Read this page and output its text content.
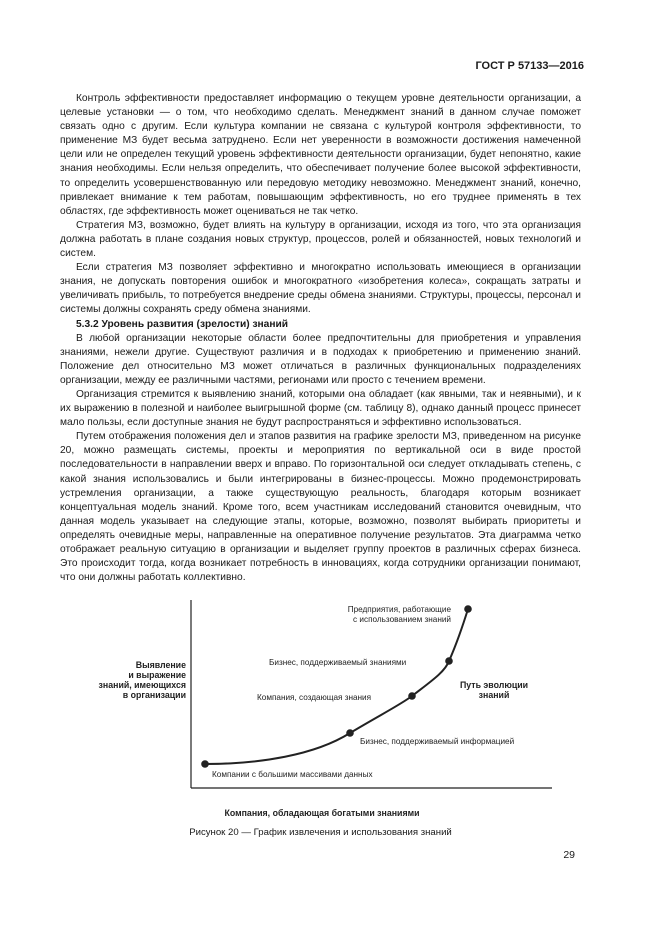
ГОСТ Р 57133—2016

Контроль эффективности предоставляет информацию о текущем уровне деятельности организации, а целевые установки — о том, что необходимо сделать. Менеджмент знаний в данном случае поможет связать одно с другим. Если культура компании не связана с культурой контроля эффективности, то применение МЗ будет весьма затруднено. Если нет уверенности в возможности достижения намеченной цели или не определен текущий уровень эффективности деятельности организации, будет непонятно, какие знания необходимы. Если нельзя определить, что обеспечивает получение более высокой эффективности, то определить усовершенствованную или передовую методику невозможно. Менеджмент знаний, конечно, привлекает внимание к тем работам, повышающим эффективность, но его труднее применять в тех областях, где эффективность может оцениваться не так четко.

Стратегия МЗ, возможно, будет влиять на культуру в организации, исходя из того, что эта организация должна работать в плане создания новых структур, процессов, ролей и обязанностей, новых технологий и систем.

Если стратегия МЗ позволяет эффективно и многократно использовать имеющиеся в организации знания, не допускать повторения ошибок и многократного «изобретения колеса», сокращать затраты и увеличивать прибыль, то потребуется внедрение среды обмена знаниями. Структуры, процессы, персонал и системы должны сохранять среду обмена знаниями.

5.3.2 Уровень развития (зрелости) знаний

В любой организации некоторые области более предпочтительны для приобретения и управления знаниями, нежели другие. Существуют различия и в подходах к приобретению и применению знаний. Положение дел относительно МЗ может отличаться в различных функциональных подразделениях организации, между ее различными частями, регионами или просто с течением времени.

Организация стремится к выявлению знаний, которыми она обладает (как явными, так и неявными), и к их выражению в полезной и наиболее выигрышной форме (см. таблицу 8), однако данный процесс принесет мало пользы, если доступные знания не будут распространяться и эффективно использоваться.

Путем отображения положения дел и этапов развития на графике зрелости МЗ, приведенном на рисунке 20, можно размещать системы, проекты и мероприятия по вертикальной оси в виде простой последовательности в направлении вверх и вправо. По горизонтальной оси следует откладывать степень, с какой знания использовались и были интегрированы в бизнес-процессы. Можно продемонстрировать устремления организации, а также существующую реальность, благодаря которым возникает концептуальная модель знаний. Кроме того, всем участникам исследований становится очевидным, что данная модель указывает на следующие этапы, которые, возможно, позволят выбирать приоритеты и определять очевидные меры, направленные на оперативное получение результатов. Эта диаграмма четко отображает реальную ситуацию в организации и выделяет группу проектов в различных сферах бизнеса. Это происходит тогда, когда возникает потребность в инновациях, когда сотрудники организации понимают, что они должны работать коллективно.

Выявление
и выражение
знаний, имеющихся
в организации
Путь эволюции
знаний
Компании с большими массивами данных
Бизнес, поддерживаемый информацией
Компания, создающая знания
Бизнес, поддерживаемый знаниями
Предприятия, работающие
с использованием знаний
Компания, обладающая богатыми знаниями
Рисунок 20 — График извлечения и использования знаний
29
